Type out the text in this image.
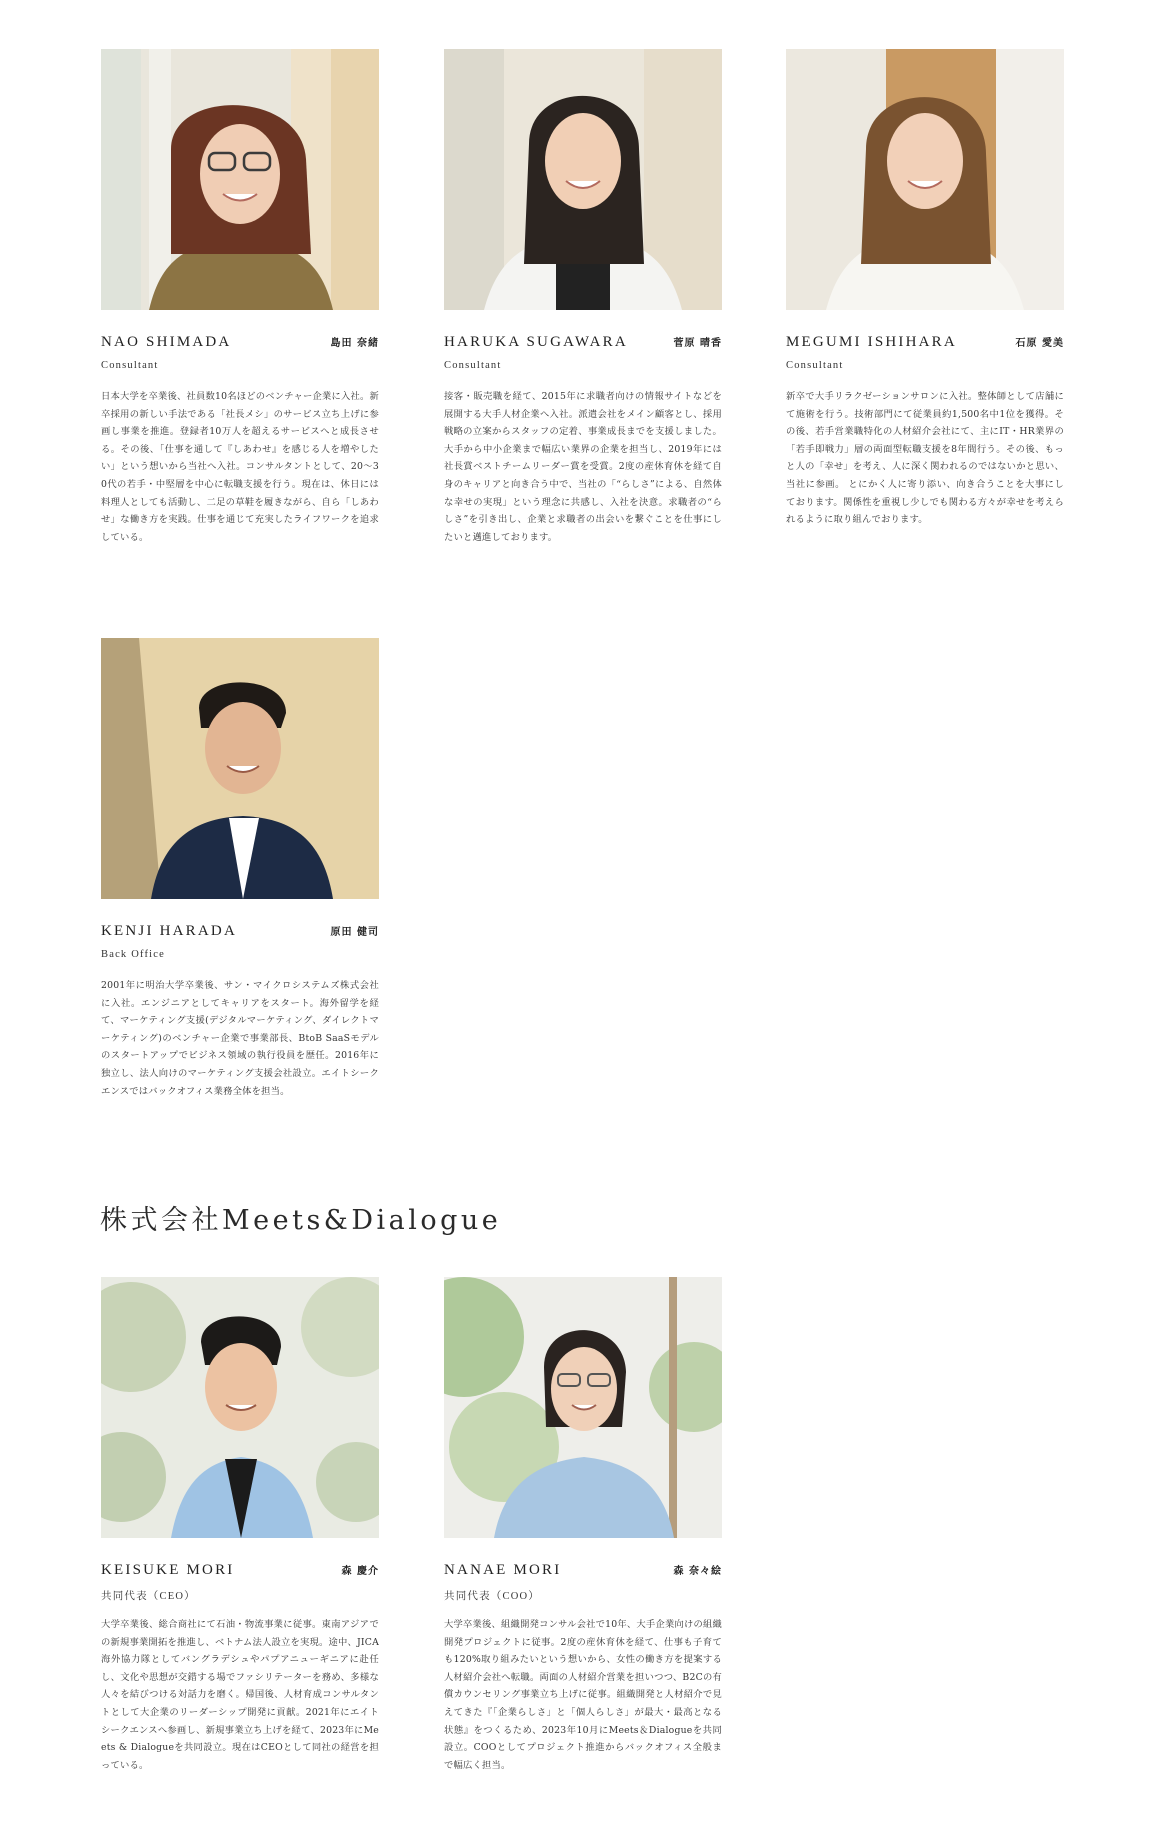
NAO SHIMADA	島田 奈緒
Consultant
日本大学を卒業後、社員数10名ほどのベンチャー企業に入社。新卒採用の新しい手法である「社長メシ」のサービス立ち上げに参画し事業を推進。登録者10万人を超えるサービスへと成長させる。その後、「仕事を通して『しあわせ』を感じる人を増やしたい」という想いから当社へ入社。コンサルタントとして、20〜30代の若手・中堅層を中心に転職支援を行う。現在は、休日には料理人としても活動し、二足の草鞋を履きながら、自ら「しあわせ」な働き方を実践。仕事を通じて充実したライフワークを追求している。
HARUKA SUGAWARA	菅原 晴香
Consultant
接客・販売職を経て、2015年に求職者向けの情報サイトなどを展開する大手人材企業へ入社。派遣会社をメイン顧客とし、採用戦略の立案からスタッフの定着、事業成長までを支援しました。大手から中小企業まで幅広い業界の企業を担当し、2019年には社長賞ベストチームリーダー賞を受賞。2度の産休育休を経て自身のキャリアと向き合う中で、当社の「“らしさ”による、自然体な幸せの実現」という理念に共感し、入社を決意。求職者の“らしさ”を引き出し、企業と求職者の出会いを繋ぐことを仕事にしたいと邁進しております。
MEGUMI ISHIHARA	石原 愛美
Consultant
新卒で大手リラクゼーションサロンに入社。整体師として店舗にて施術を行う。技術部門にて従業員約1,500名中1位を獲得。その後、若手営業職特化の人材紹介会社にて、主にIT・HR業界の「若手即戦力」層の両面型転職支援を8年間行う。その後、もっと人の「幸せ」を考え、人に深く関われるのではないかと思い、当社に参画。 とにかく人に寄り添い、向き合うことを大事にしております。関係性を重視し少しでも関わる方々が幸せを考えられるように取り組んでおります。
KENJI HARADA	原田 健司
Back Office
2001年に明治大学卒業後、サン・マイクロシステムズ株式会社に入社。エンジニアとしてキャリアをスタート。海外留学を経て、マーケティング支援(デジタルマーケティング、ダイレクトマーケティング)のベンチャー企業で事業部長、BtoB SaaSモデルのスタートアップでビジネス領域の執行役員を歴任。2016年に独立し、法人向けのマーケティング支援会社設立。エイトシークエンスではバックオフィス業務全体を担当。
株式会社Meets&Dialogue
KEISUKE MORI	森 慶介
共同代表（CEO）
大学卒業後、総合商社にて石油・物流事業に従事。東南アジアでの新規事業開拓を推進し、ベトナム法人設立を実現。途中、JICA海外協力隊としてバングラデシュやパプアニューギニアに赴任し、文化や思想が交錯する場でファシリテーターを務め、多様な人々を結びつける対話力を磨く。帰国後、人材育成コンサルタントとして大企業のリーダーシップ開発に貢献。2021年にエイトシークエンスへ参画し、新規事業立ち上げを経て、2023年にMeets & Dialogueを共同設立。現在はCEOとして同社の経営を担っている。
NANAE MORI	森 奈々絵
共同代表（COO）
大学卒業後、組織開発コンサル会社で10年、大手企業向けの組織開発プロジェクトに従事。2度の産休育休を経て、仕事も子育ても120%取り組みたいという想いから、女性の働き方を提案する人材紹介会社へ転職。両面の人材紹介営業を担いつつ、B2Cの有償カウンセリング事業立ち上げに従事。組織開発と人材紹介で見えてきた『「企業らしさ」と「個人らしさ」が最大・最高となる状態』をつくるため、2023年10月にMeets＆Dialogueを共同設立。COOとしてプロジェクト推進からバックオフィス全般まで幅広く担当。
